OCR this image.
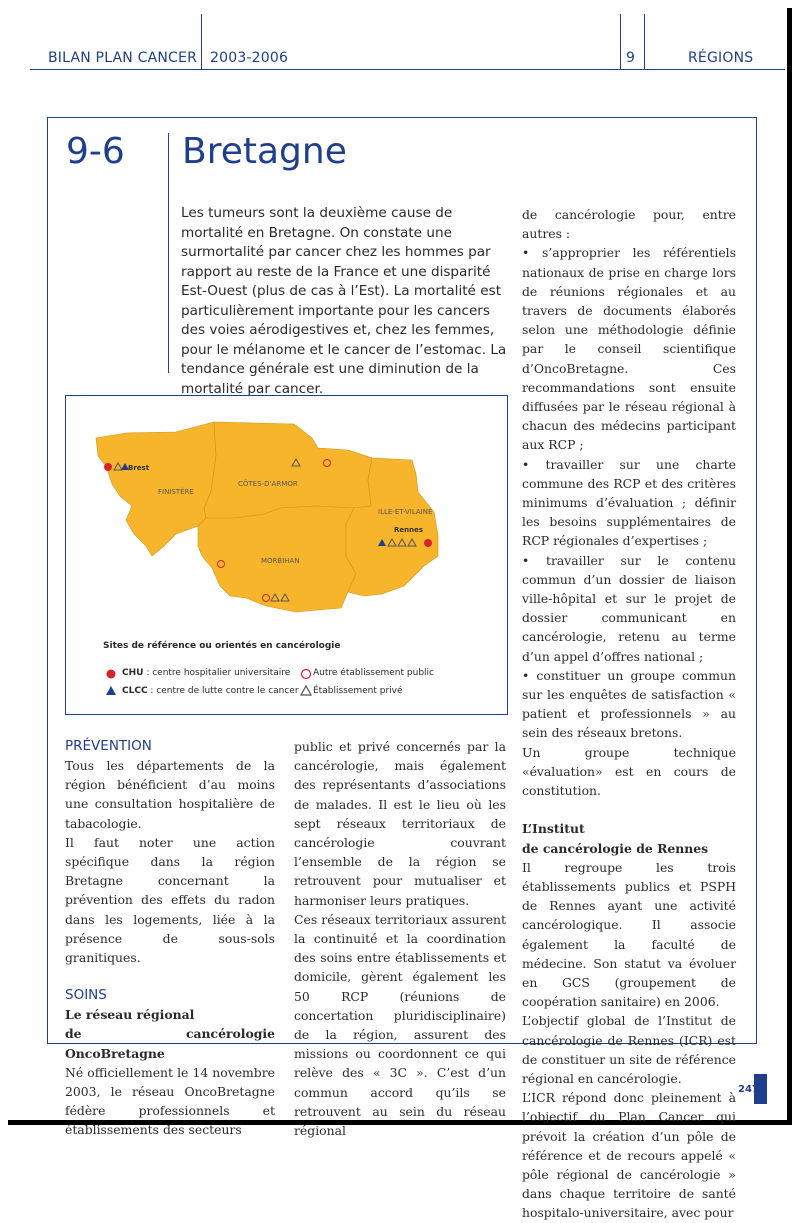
BILAN PLAN CANCER 2003-2006	9	RÉGIONS
9-6 Bretagne

Les tumeurs sont la deuxième cause de mortalité en Bretagne. On constate une surmortalité par cancer chez les hommes par rapport au reste de la France et une disparité Est-Ouest (plus de cas à l’Est). La mortalité est particulièrement importante pour les cancers des voies aérodigestives et, chez les femmes, pour le mélanome et le cancer de l’estomac. La tendance générale est une diminution de la mortalité par cancer.

FINISTÈRE
CÔTES-D’ARMOR
ILLE-ET-VILAINE
MORBIHAN
Brest
Rennes
Sites de référence ou orientés en cancérologie
CHU : centre hospitalier universitaire
CLCC : centre de lutte contre le cancer
Autre établissement public
Établissement privé

PRÉVENTION

Tous les départements de la région bénéficient d’au moins une consultation hospitalière de tabacologie.

Il faut noter une action spécifique dans la région Bretagne concernant la prévention des effets du radon dans les logements, liée à la présence de sous-sols granitiques.

SOINS

Le réseau régional

de cancérologie OncoBretagne

Né officiellement le 14 novembre 2003, le réseau OncoBretagne fédère professionnels et établissements des secteurs

public et privé concernés par la cancérologie, mais également des représentants d’associations de malades. Il est le lieu où les sept réseaux territoriaux de cancérologie couvrant l’ensemble de la région se retrouvent pour mutualiser et harmoniser leurs pratiques.

Ces réseaux territoriaux assurent la continuité et la coordination des soins entre établissements et domicile, gèrent également les 50 RCP (réunions de concertation pluridisciplinaire) de la région, assurent des missions ou coordonnent ce qui relève des « 3C ». C’est d’un commun accord qu’ils se retrouvent au sein du réseau régional

de cancérologie pour, entre autres :

• s’approprier les référentiels nationaux de prise en charge lors de réunions régionales et au travers de documents élaborés selon une méthodologie définie par le conseil scientifique d’OncoBretagne. Ces recommandations sont ensuite diffusées par le réseau régional à chacun des médecins participant aux RCP ;

• travailler sur une charte commune des RCP et des critères minimums d’évaluation ; définir les besoins supplémentaires de RCP régionales d’expertises ;

• travailler sur le contenu commun d’un dossier de liaison ville-hôpital et sur le projet de dossier communicant en cancérologie, retenu au terme d’un appel d’offres national ;

• constituer un groupe commun sur les enquêtes de satisfaction « patient et professionnels » au sein des réseaux bretons.

Un groupe technique «évaluation» est en cours de constitution.

L’Institut

de cancérologie de Rennes

Il regroupe les trois établissements publics et PSPH de Rennes ayant une activité cancérologique. Il associe également la faculté de médecine. Son statut va évoluer en GCS (groupement de coopération sanitaire) en 2006.

L’objectif global de l’Institut de cancérologie de Rennes (ICR) est de constituer un site de référence régional en cancérologie.

L’ICR répond donc pleinement à l’objectif du Plan Cancer qui prévoit la création d’un pôle de référence et de recours appelé « pôle régional de cancérologie » dans chaque territoire de santé hospitalo-universitaire, avec pour

247
